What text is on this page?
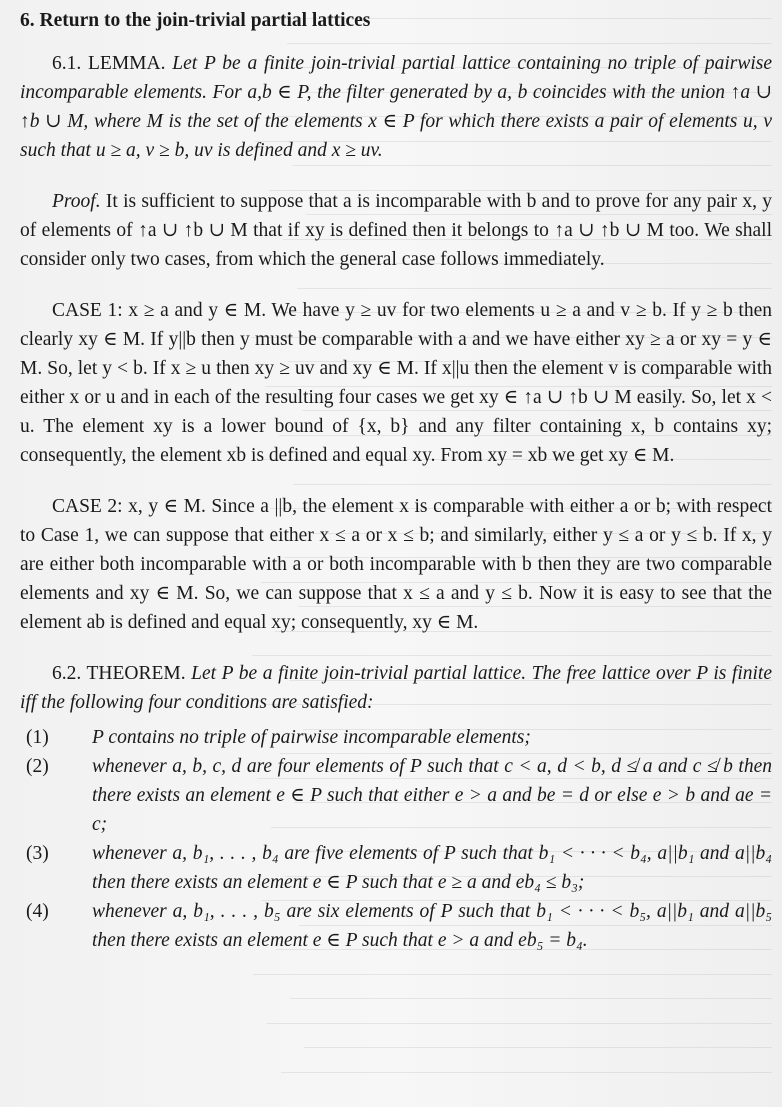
6. Return to the join-trivial partial lattices

6.1. LEMMA. Let P be a finite join-trivial partial lattice containing no triple of pairwise incomparable elements. For a,b ∈ P, the filter generated by a, b coincides with the union ↑a ∪ ↑b ∪ M, where M is the set of the elements x ∈ P for which there exists a pair of elements u, v such that u ≥ a, v ≥ b, uv is defined and x ≥ uv.

Proof. It is sufficient to suppose that a is incomparable with b and to prove for any pair x, y of elements of ↑a ∪ ↑b ∪ M that if xy is defined then it belongs to ↑a ∪ ↑b ∪ M too. We shall consider only two cases, from which the general case follows immediately.

CASE 1: x ≥ a and y ∈ M. We have y ≥ uv for two elements u ≥ a and v ≥ b. If y ≥ b then clearly xy ∈ M. If y||b then y must be comparable with a and we have either xy ≥ a or xy = y ∈ M. So, let y < b. If x ≥ u then xy ≥ uv and xy ∈ M. If x||u then the element v is comparable with either x or u and in each of the resulting four cases we get xy ∈ ↑a ∪ ↑b ∪ M easily. So, let x < u. The element xy is a lower bound of {x, b} and any filter containing x, b contains xy; consequently, the element xb is defined and equal xy. From xy = xb we get xy ∈ M.

CASE 2: x, y ∈ M. Since a ||b, the element x is comparable with either a or b; with respect to Case 1, we can suppose that either x ≤ a or x ≤ b; and similarly, either y ≤ a or y ≤ b. If x, y are either both incomparable with a or both incomparable with b then they are two comparable elements and xy ∈ M. So, we can suppose that x ≤ a and y ≤ b. Now it is easy to see that the element ab is defined and equal xy; consequently, xy ∈ M.

6.2. THEOREM. Let P be a finite join-trivial partial lattice. The free lattice over P is finite iff the following four conditions are satisfied:

(1) P contains no triple of pairwise incomparable elements;
(2) whenever a, b, c, d are four elements of P such that c < a, d < b, d ≰ a and c ≰ b then there exists an element e ∈ P such that either e > a and be = d or else e > b and ae = c;
(3) whenever a, b₁, . . . , b₄ are five elements of P such that b₁ < · · · < b₄, a||b₁ and a||b₄ then there exists an element e ∈ P such that e ≥ a and eb₄ ≤ b₃;
(4) whenever a, b₁, . . . , b₅ are six elements of P such that b₁ < · · · < b₅, a||b₁ and a||b₅ then there exists an element e ∈ P such that e > a and eb₅ = b₄.
